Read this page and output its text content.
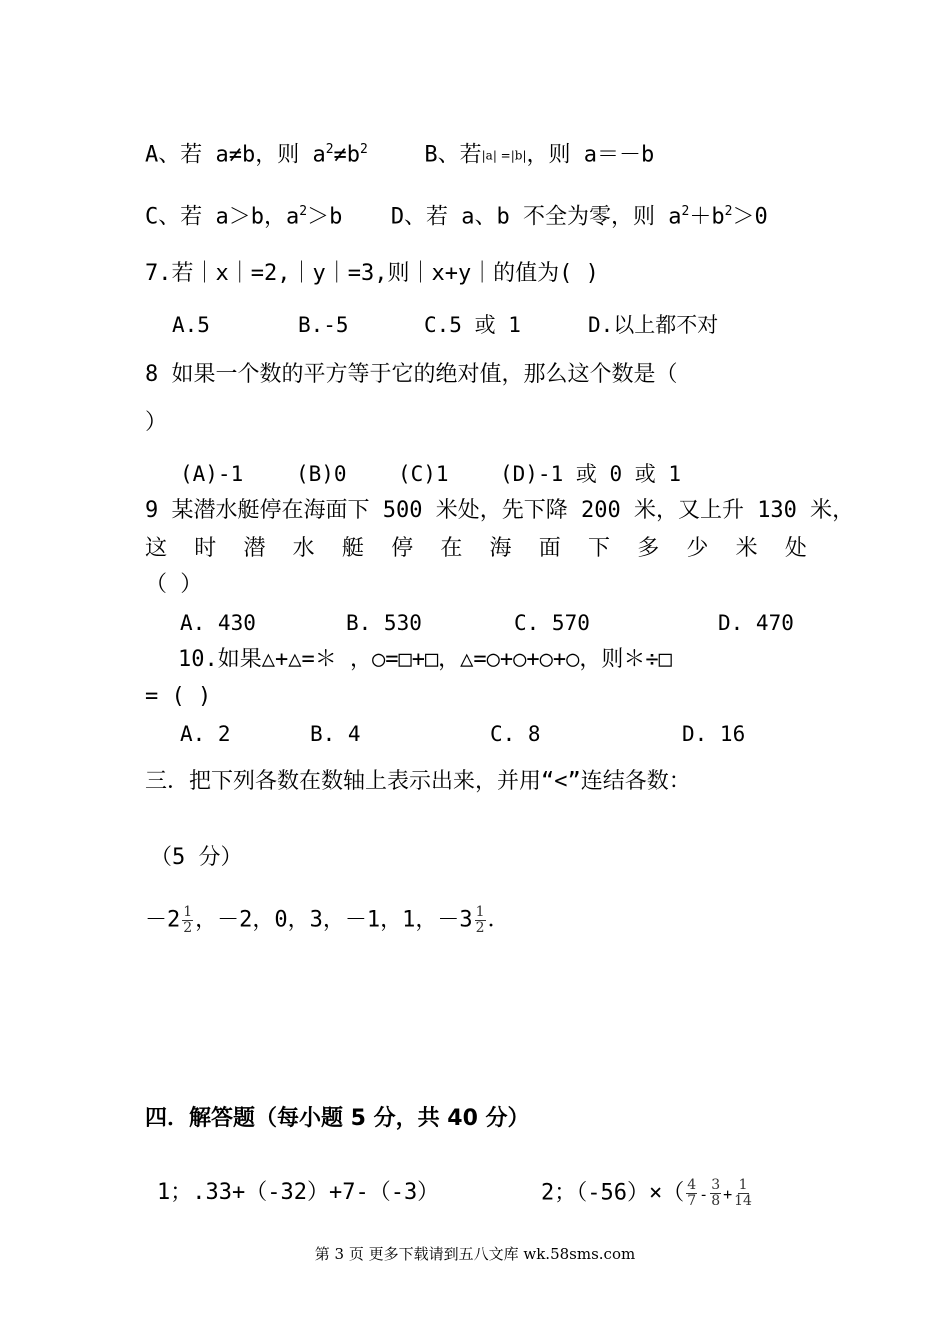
A、若 a≠b，则 $a^2\ne b^2$	B、若|a| =|b|，则 a＝－b
C、若 a＞b，$a^2>b$ D、若 a、b 不全为零，则 $a^2+b^2>0$
7.若｜x｜=2,｜y｜=3,则｜x+y｜的值为( )
A.5	B.-5	C.5 或 1	D.以上都不对
8 如果一个数的平方等于它的绝对值，那么这个数是（
）
(A)-1	(B)0 (C)1 (D)-1 或 0 或 1
9 某潜水艇停在海面下 500 米处，先下降 200 米，又上升 130 米，
这 时 潜 水 艇 停 在 海 面 下 多 少 米 处
（ ）
A. 430	B. 530	C. 570	D. 470
10.如果△+△=＊ ，○=□+□，△=○+○+○+○，则＊÷□
= ( )
A. 2	B. 4	C. 8	D. 16
三．把下列各数在数轴上表示出来，并用“<”连结各数：
（5 分）
$-2 \frac{1}{2}$ ，－2，0，3，－1，1，$-3 \frac{1}{2}$ ．
四．解答题（每小题 5 分，共 40 分）
1；.33+（-32）+7-（-3）	2；$(-56)\times( \frac{4}{7} - \frac{3}{8} + \frac{1}{14}$
第 3 页 更多下载请到五八文库 wk.58sms.com
